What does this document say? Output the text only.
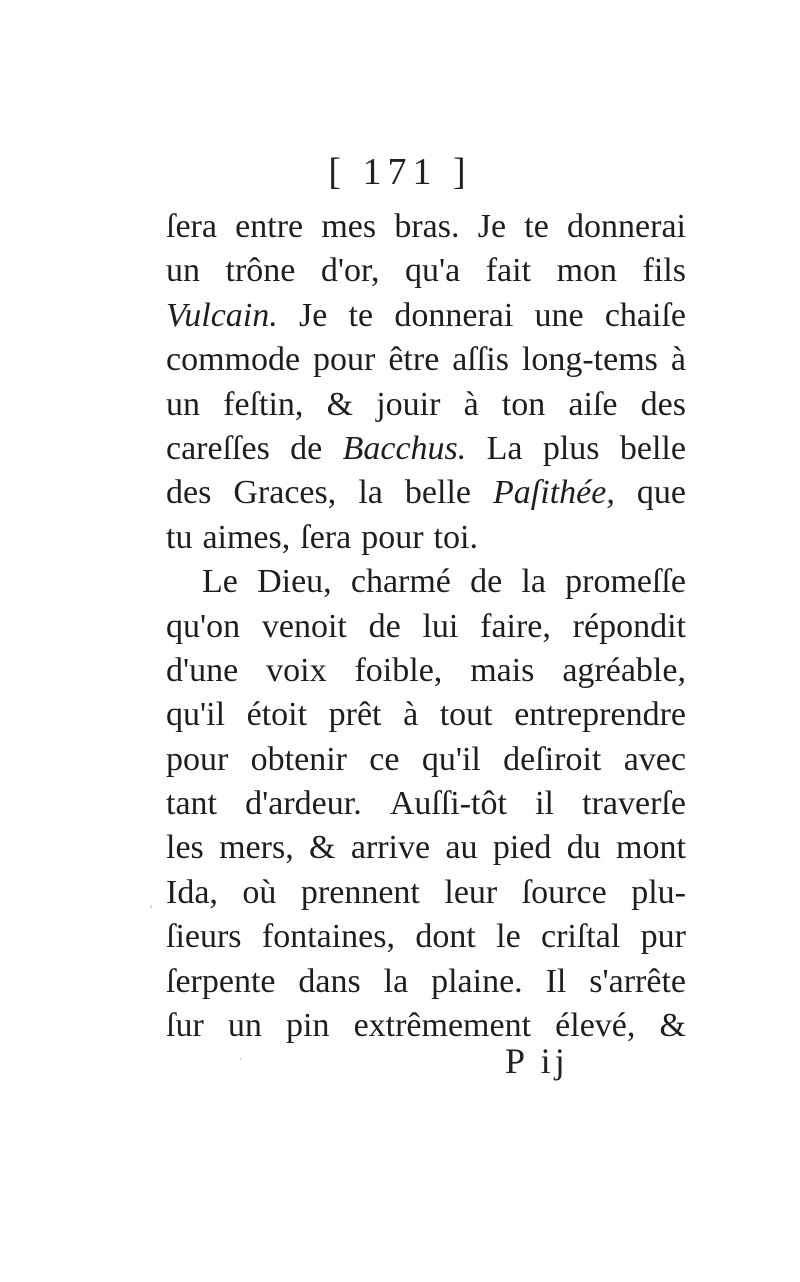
[ 171 ]
ſera entre mes bras. Je te donnerai
un trône d'or, qu'a fait mon fils
Vulcain. Je te donnerai une chaiſe
commode pour être aſſis long-tems à
un feſtin, & jouir à ton aiſe des
careſſes de Bacchus. La plus belle
des Graces, la belle Paſithée, que
tu aimes, ſera pour toi.
Le Dieu, charmé de la promeſſe
qu'on venoit de lui faire, répondit
d'une voix foible, mais agréable,
qu'il étoit prêt à tout entreprendre
pour obtenir ce qu'il deſiroit avec
tant d'ardeur. Auſſi-tôt il traverſe
les mers, & arrive au pied du mont
Ida, où prennent leur ſource plu-
ſieurs fontaines, dont le criſtal pur
ſerpente dans la plaine. Il s'arrête
ſur un pin extrêmement élevé, &
P ij
